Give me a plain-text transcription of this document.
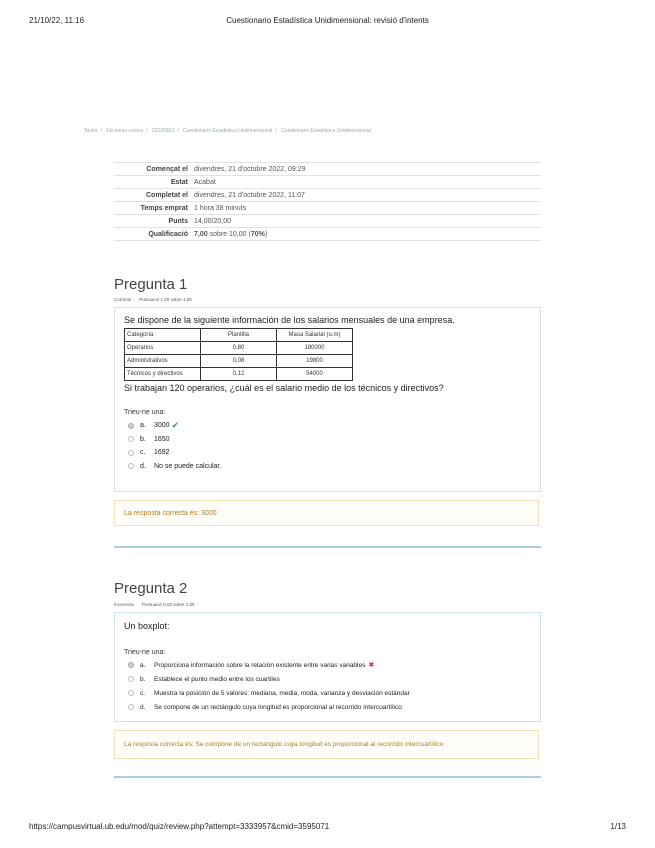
21/10/22, 11:16	Cuestionario Estadística Unidimensional: revisió d'intents
Tauler / Els meus cursos / 22226603 / Cuestionario Estadística Unidimensional / Cuestionario Estadística Unidimensional
Començat el	divendres, 21 d'octubre 2022, 09:29
Estat	Acabat
Completat el	divendres, 21 d'octubre 2022, 11:07
Temps emprat	1 hora 38 minuts
Punts	14,00/20,00
Qualificació	7,00 sobre 10,00 (70%)
Pregunta 1
Correcte Puntuació 1,00 sobre 1,00

Se dispone de la siguiente información de los salarios mensuales de una empresa.

Categoría	Plantilla	Masa Salarial (u.m)
Operarios	0,80	180000
Administrativos	0,08	19800
Técnicos y directivos	0,12	54000

Si trabajan 120 operarios, ¿cuál es el salario medio de los técnicos y directivos?

Trieu-ne una:
a.	3000 ✔
b.	1650
c.	1692
d.	No se puede calcular.
La resposta correcta és: 3000
Pregunta 2
Incorrecte Puntuació 0,00 sobre 1,00

Un boxplot:

Trieu-ne una:
a.	Proporciona información sobre la relación existente entre varias variables ✖
b.	Establece el punto medio entre los cuartiles
c.	Muestra la posición de 5 valores: mediana, media, moda, varianza y desviación estándar
d.	Se compone de un rectángulo cuya longitud es proporcional al recorrido intercuartílico
La resposta correcta és: Se compone de un rectángulo cuya longitud es proporcional al recorrido intercuartílico
https://campusvirtual.ub.edu/mod/quiz/review.php?attempt=3333957&cmid=3595071	1/13
